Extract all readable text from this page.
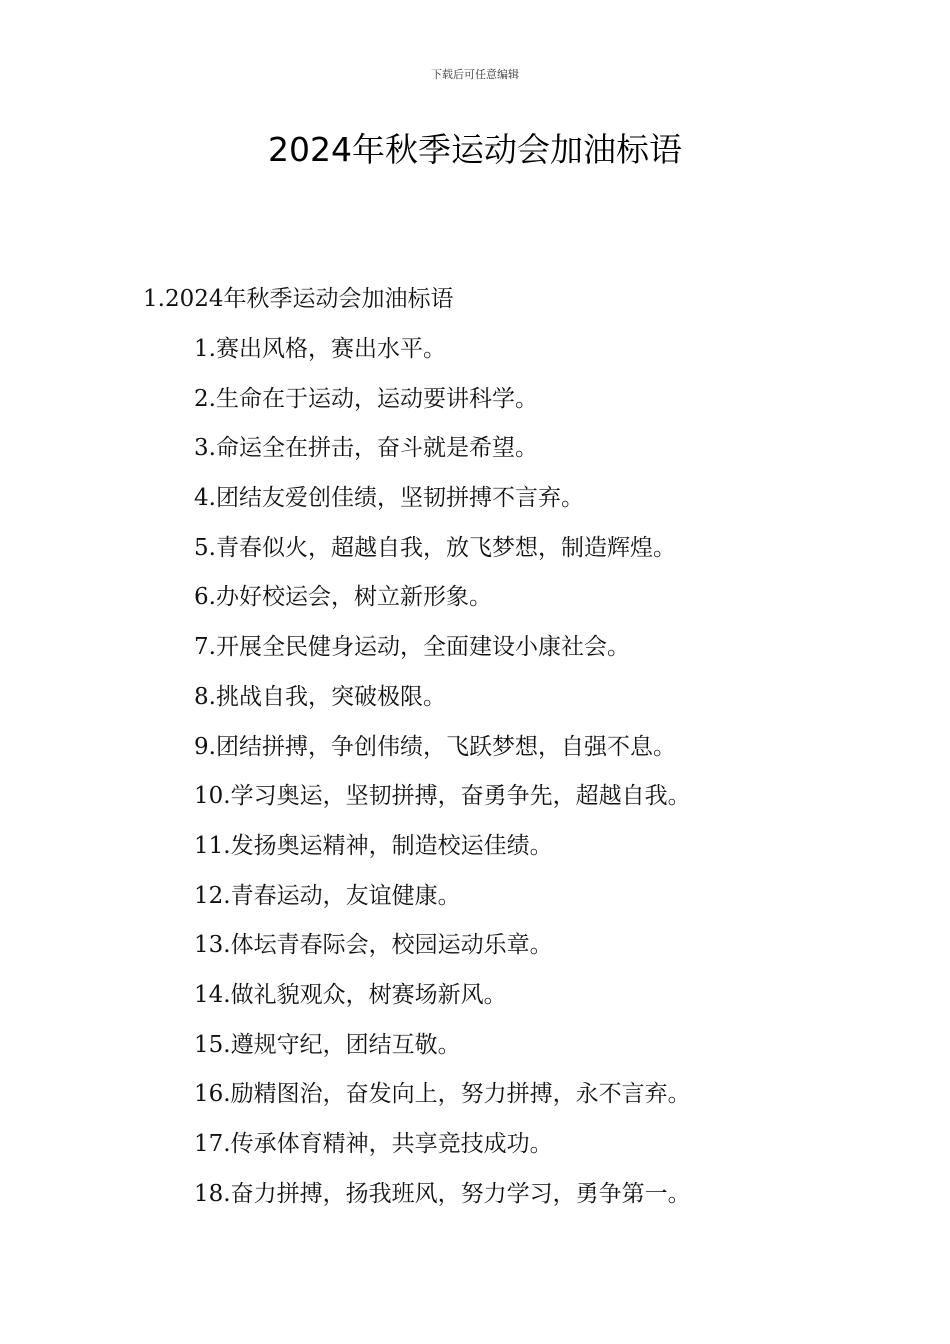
下载后可任意编辑
2024年秋季运动会加油标语
1.2024年秋季运动会加油标语
1.赛出风格，赛出水平。
2.生命在于运动，运动要讲科学。
3.命运全在拼击，奋斗就是希望。
4.团结友爱创佳绩，坚韧拼搏不言弃。
5.青春似火，超越自我，放飞梦想，制造辉煌。
6.办好校运会，树立新形象。
7.开展全民健身运动，全面建设小康社会。
8.挑战自我，突破极限。
9.团结拼搏，争创伟绩，飞跃梦想，自强不息。
10.学习奥运，坚韧拼搏，奋勇争先，超越自我。
11.发扬奥运精神，制造校运佳绩。
12.青春运动，友谊健康。
13.体坛青春际会，校园运动乐章。
14.做礼貌观众，树赛场新风。
15.遵规守纪，团结互敬。
16.励精图治，奋发向上，努力拼搏，永不言弃。
17.传承体育精神，共享竞技成功。
18.奋力拼搏，扬我班风，努力学习，勇争第一。
